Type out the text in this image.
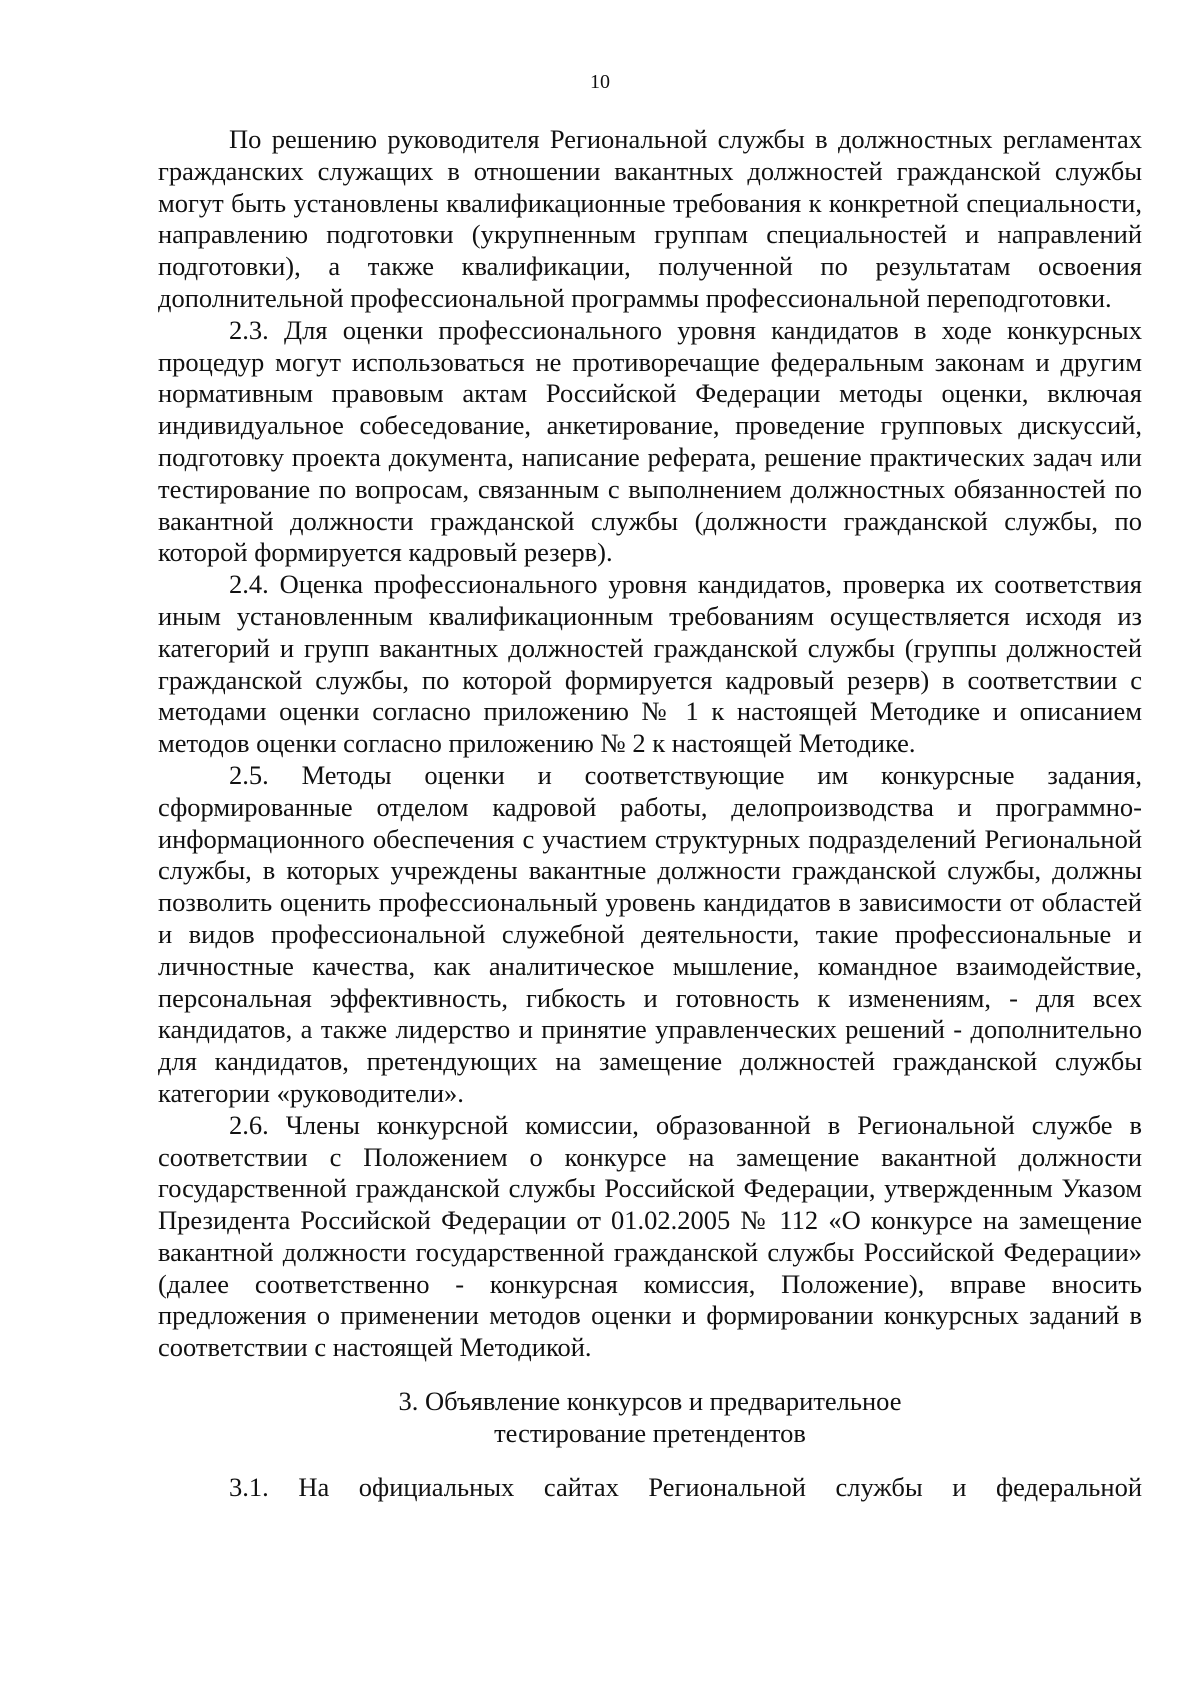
10

По решению руководителя Региональной службы в должностных регламентах гражданских служащих в отношении вакантных должностей гражданской службы могут быть установлены квалификационные требования к конкретной специальности, направлению подготовки (укрупненным группам специальностей и направлений подготовки), а также квалификации, полученной по результатам освоения дополнительной профессиональной программы профессиональной переподготовки.

2.3. Для оценки профессионального уровня кандидатов в ходе конкурсных процедур могут использоваться не противоречащие федеральным законам и другим нормативным правовым актам Российской Федерации методы оценки, включая индивидуальное собеседование, анкетирование, проведение групповых дискуссий, подготовку проекта документа, написание реферата, решение практических задач или тестирование по вопросам, связанным с выполнением должностных обязанностей по вакантной должности гражданской службы (должности гражданской службы, по которой формируется кадровый резерв).

2.4. Оценка профессионального уровня кандидатов, проверка их соответствия иным установленным квалификационным требованиям осуществляется исходя из категорий и групп вакантных должностей гражданской службы (группы должностей гражданской службы, по которой формируется кадровый резерв) в соответствии с методами оценки согласно приложению № 1 к настоящей Методике и описанием методов оценки согласно приложению № 2 к настоящей Методике.

2.5. Методы оценки и соответствующие им конкурсные задания, сформированные отделом кадровой работы, делопроизводства и программно-информационного обеспечения с участием структурных подразделений Региональной службы, в которых учреждены вакантные должности гражданской службы, должны позволить оценить профессиональный уровень кандидатов в зависимости от областей и видов профессиональной служебной деятельности, такие профессиональные и личностные качества, как аналитическое мышление, командное взаимодействие, персональная эффективность, гибкость и готовность к изменениям, - для всех кандидатов, а также лидерство и принятие управленческих решений - дополнительно для кандидатов, претендующих на замещение должностей гражданской службы категории «руководители».

2.6. Члены конкурсной комиссии, образованной в Региональной службе в соответствии с Положением о конкурсе на замещение вакантной должности государственной гражданской службы Российской Федерации, утвержденным Указом Президента Российской Федерации от 01.02.2005 № 112 «О конкурсе на замещение вакантной должности государственной гражданской службы Российской Федерации» (далее соответственно - конкурсная комиссия, Положение), вправе вносить предложения о применении методов оценки и формировании конкурсных заданий в соответствии с настоящей Методикой.

3. Объявление конкурсов и предварительное
тестирование претендентов

3.1. На официальных сайтах Региональной службы и федеральной
